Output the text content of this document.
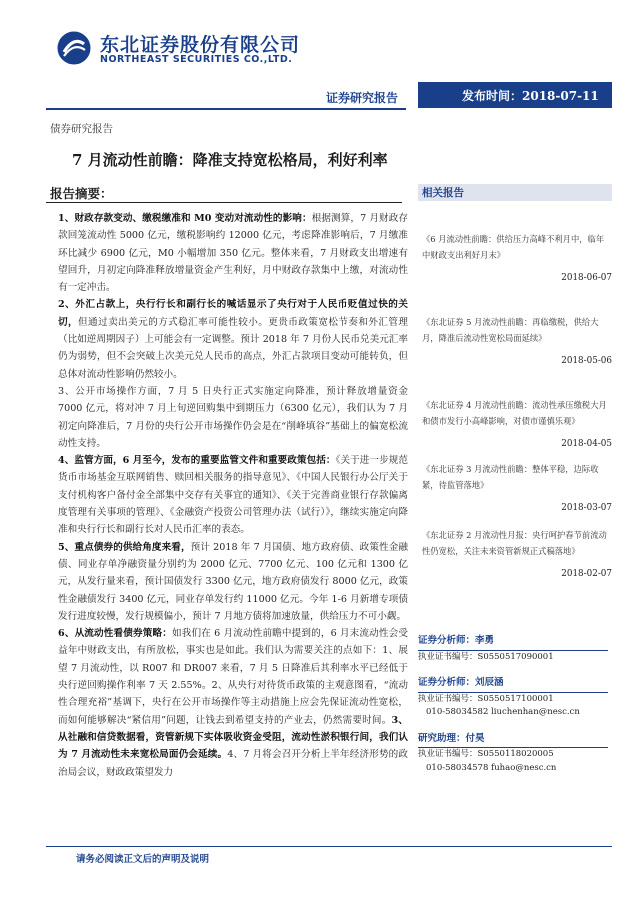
东北证券股份有限公司
NORTHEAST SECURITIES CO.,LTD.
证券研究报告	发布时间：2018-07-11
债券研究报告
7 月流动性前瞻：降准支持宽松格局，利好利率
报告摘要：

1、财政存款变动、缴税缴准和 M0 变动对流动性的影响：根据测算，7 月财政存款回笼流动性 5000 亿元，缴税影响约 12000 亿元，考虑降准影响后，7 月缴准环比减少 6900 亿元，M0 小幅增加 350 亿元。整体来看，7 月财政支出增速有望回升，月初定向降准释放增量资金产生利好，月中财政存款集中上缴，对流动性有一定冲击。

2、外汇占款上，央行行长和副行长的喊话显示了央行对于人民币贬值过快的关切，但通过卖出美元的方式稳汇率可能性较小。更贵币政策宽松节奏和外汇管理（比如逆周期因子）上可能会有一定调整。预计 2018 年 7 月份人民币兑美元汇率仍为弱势，但不会突破上次美元兑人民币的高点，外汇占款项目变动可能转负，但总体对流动性影响仍然较小。

3、公开市场操作方面，7 月 5 日央行正式实施定向降准，预计释放增量资金 7000 亿元，将对冲 7 月上旬逆回购集中到期压力（6300 亿元），我们认为 7 月初定向降准后，7 月份的央行公开市场操作仍会是在“削峰填谷”基础上的偏宽松流动性支持。

4、监管方面，6 月至今，发布的重要监管文件和重要政策包括：《关于进一步规范货币市场基金互联网销售、赎回相关服务的指导意见》、《中国人民银行办公厅关于支付机构客户备付金全部集中交存有关事宜的通知》、《关于完善商业银行存款偏离度管理有关事项的管理》、《金融资产投资公司管理办法（试行）》，继续实施定向降准和央行行长和副行长对人民币汇率的表态。

5、重点债券的供给角度来看，预计 2018 年 7 月国债、地方政府债、政策性金融债、同业存单净融资量分别约为 2000 亿元、7700 亿元、100 亿元和 1300 亿元，从发行量来看，预计国债发行 3300 亿元，地方政府债发行 8000 亿元，政策性金融债发行 3400 亿元，同业存单发行约 11000 亿元。今年 1-6 月新增专项债发行进度较慢，发行规模偏小，预计 7 月地方债将加速放量，供给压力不可小觑。

6、从流动性看债券策略：如我们在 6 月流动性前瞻中提到的，6 月末流动性会受益年中财政支出，有所放松，事实也是如此。我们认为需要关注的点如下：1、展望 7 月流动性，以 R007 和 DR007 来看，7 月 5 日降准后其利率水平已经低于央行逆回购操作利率 7 天 2.55%。2、从央行对待货币政策的主观意图看，“流动性合理充裕”基调下，央行在公开市场操作等主动措施上应会先保证流动性宽松，而如何能够解决“紧信用”问题，让钱去到希望支持的产业去，仍然需要时间。3、从社融和信贷数据看，资管新规下实体吸收资金受阻，流动性淤积银行间，我们认为 7 月流动性未来宽松局面仍会延续。4、7 月将会召开分析上半年经济形势的政治局会议，财政政策望发力

相关报告
《6 月流动性前瞻：供给压力高峰不利月中，临年中财政支出利好月末》
2018-06-07
《东北证券 5 月流动性前瞻：再临缴税，供给大月，降准后流动性宽松局面延续》
2018-05-06
《东北证券 4 月流动性前瞻：流动性承压缴税大月和债市发行小高峰影响，对债市谨慎乐观》
2018-04-05
《东北证券 3 月流动性前瞻：整体平稳，边际收紧，待监管落地》
2018-03-07
《东北证券 2 月流动性月报：央行呵护春节前流动性仍宽松，关注未来资管新规正式稿落地》
2018-02-07
证券分析师：李勇
执业证书编号：S0550517090001
证券分析师：刘辰涵
执业证书编号：S0550517100001
010-58034582 liuchenhan@nesc.cn
研究助理：付昊
执业证书编号：S0550118020005
010-58034578 fuhao@nesc.cn
请务必阅读正文后的声明及说明
